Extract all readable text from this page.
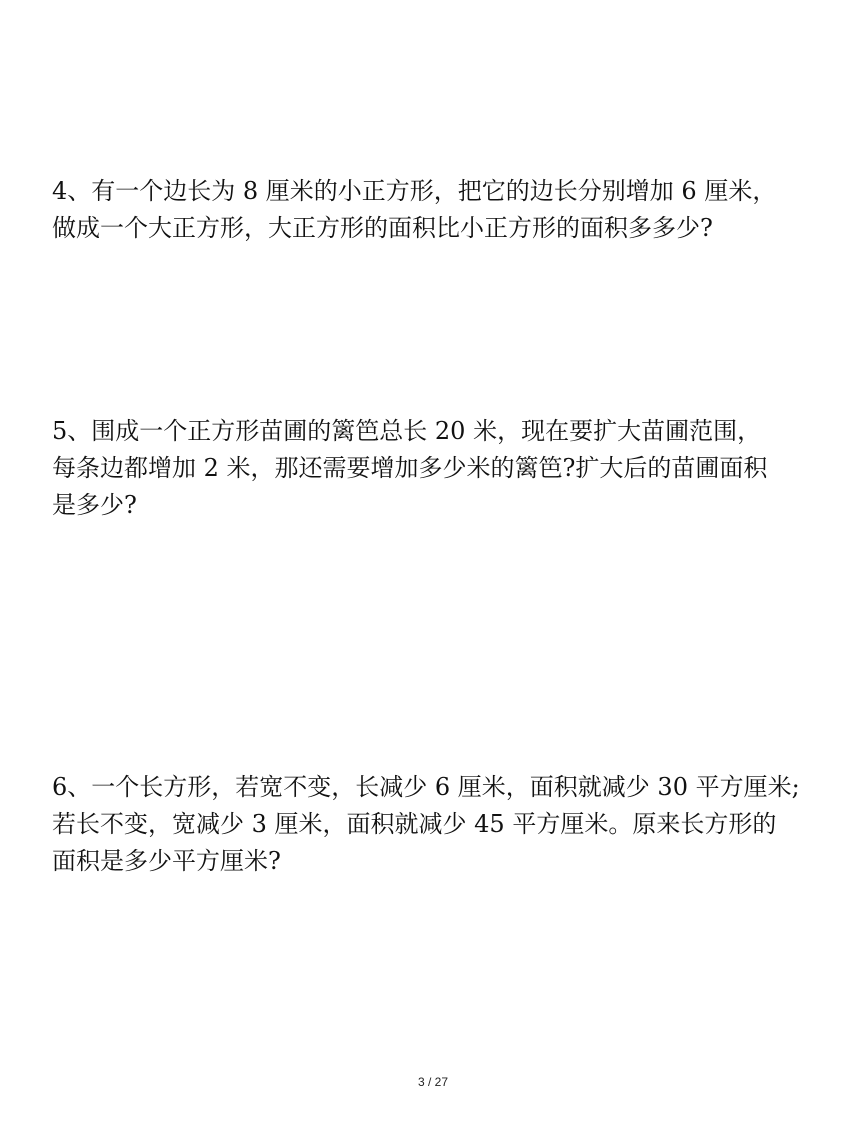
4、有一个边长为 8 厘米的小正方形，把它的边长分别增加 6 厘米，
做成一个大正方形，大正方形的面积比小正方形的面积多多少?
5、围成一个正方形苗圃的篱笆总长 20 米，现在要扩大苗圃范围，
每条边都增加 2 米，那还需要增加多少米的篱笆?扩大后的苗圃面积
是多少?
6、一个长方形，若宽不变，长减少 6 厘米，面积就减少 30 平方厘米;
若长不变，宽减少 3 厘米，面积就减少 45 平方厘米。原来长方形的
面积是多少平方厘米?
3 / 27
